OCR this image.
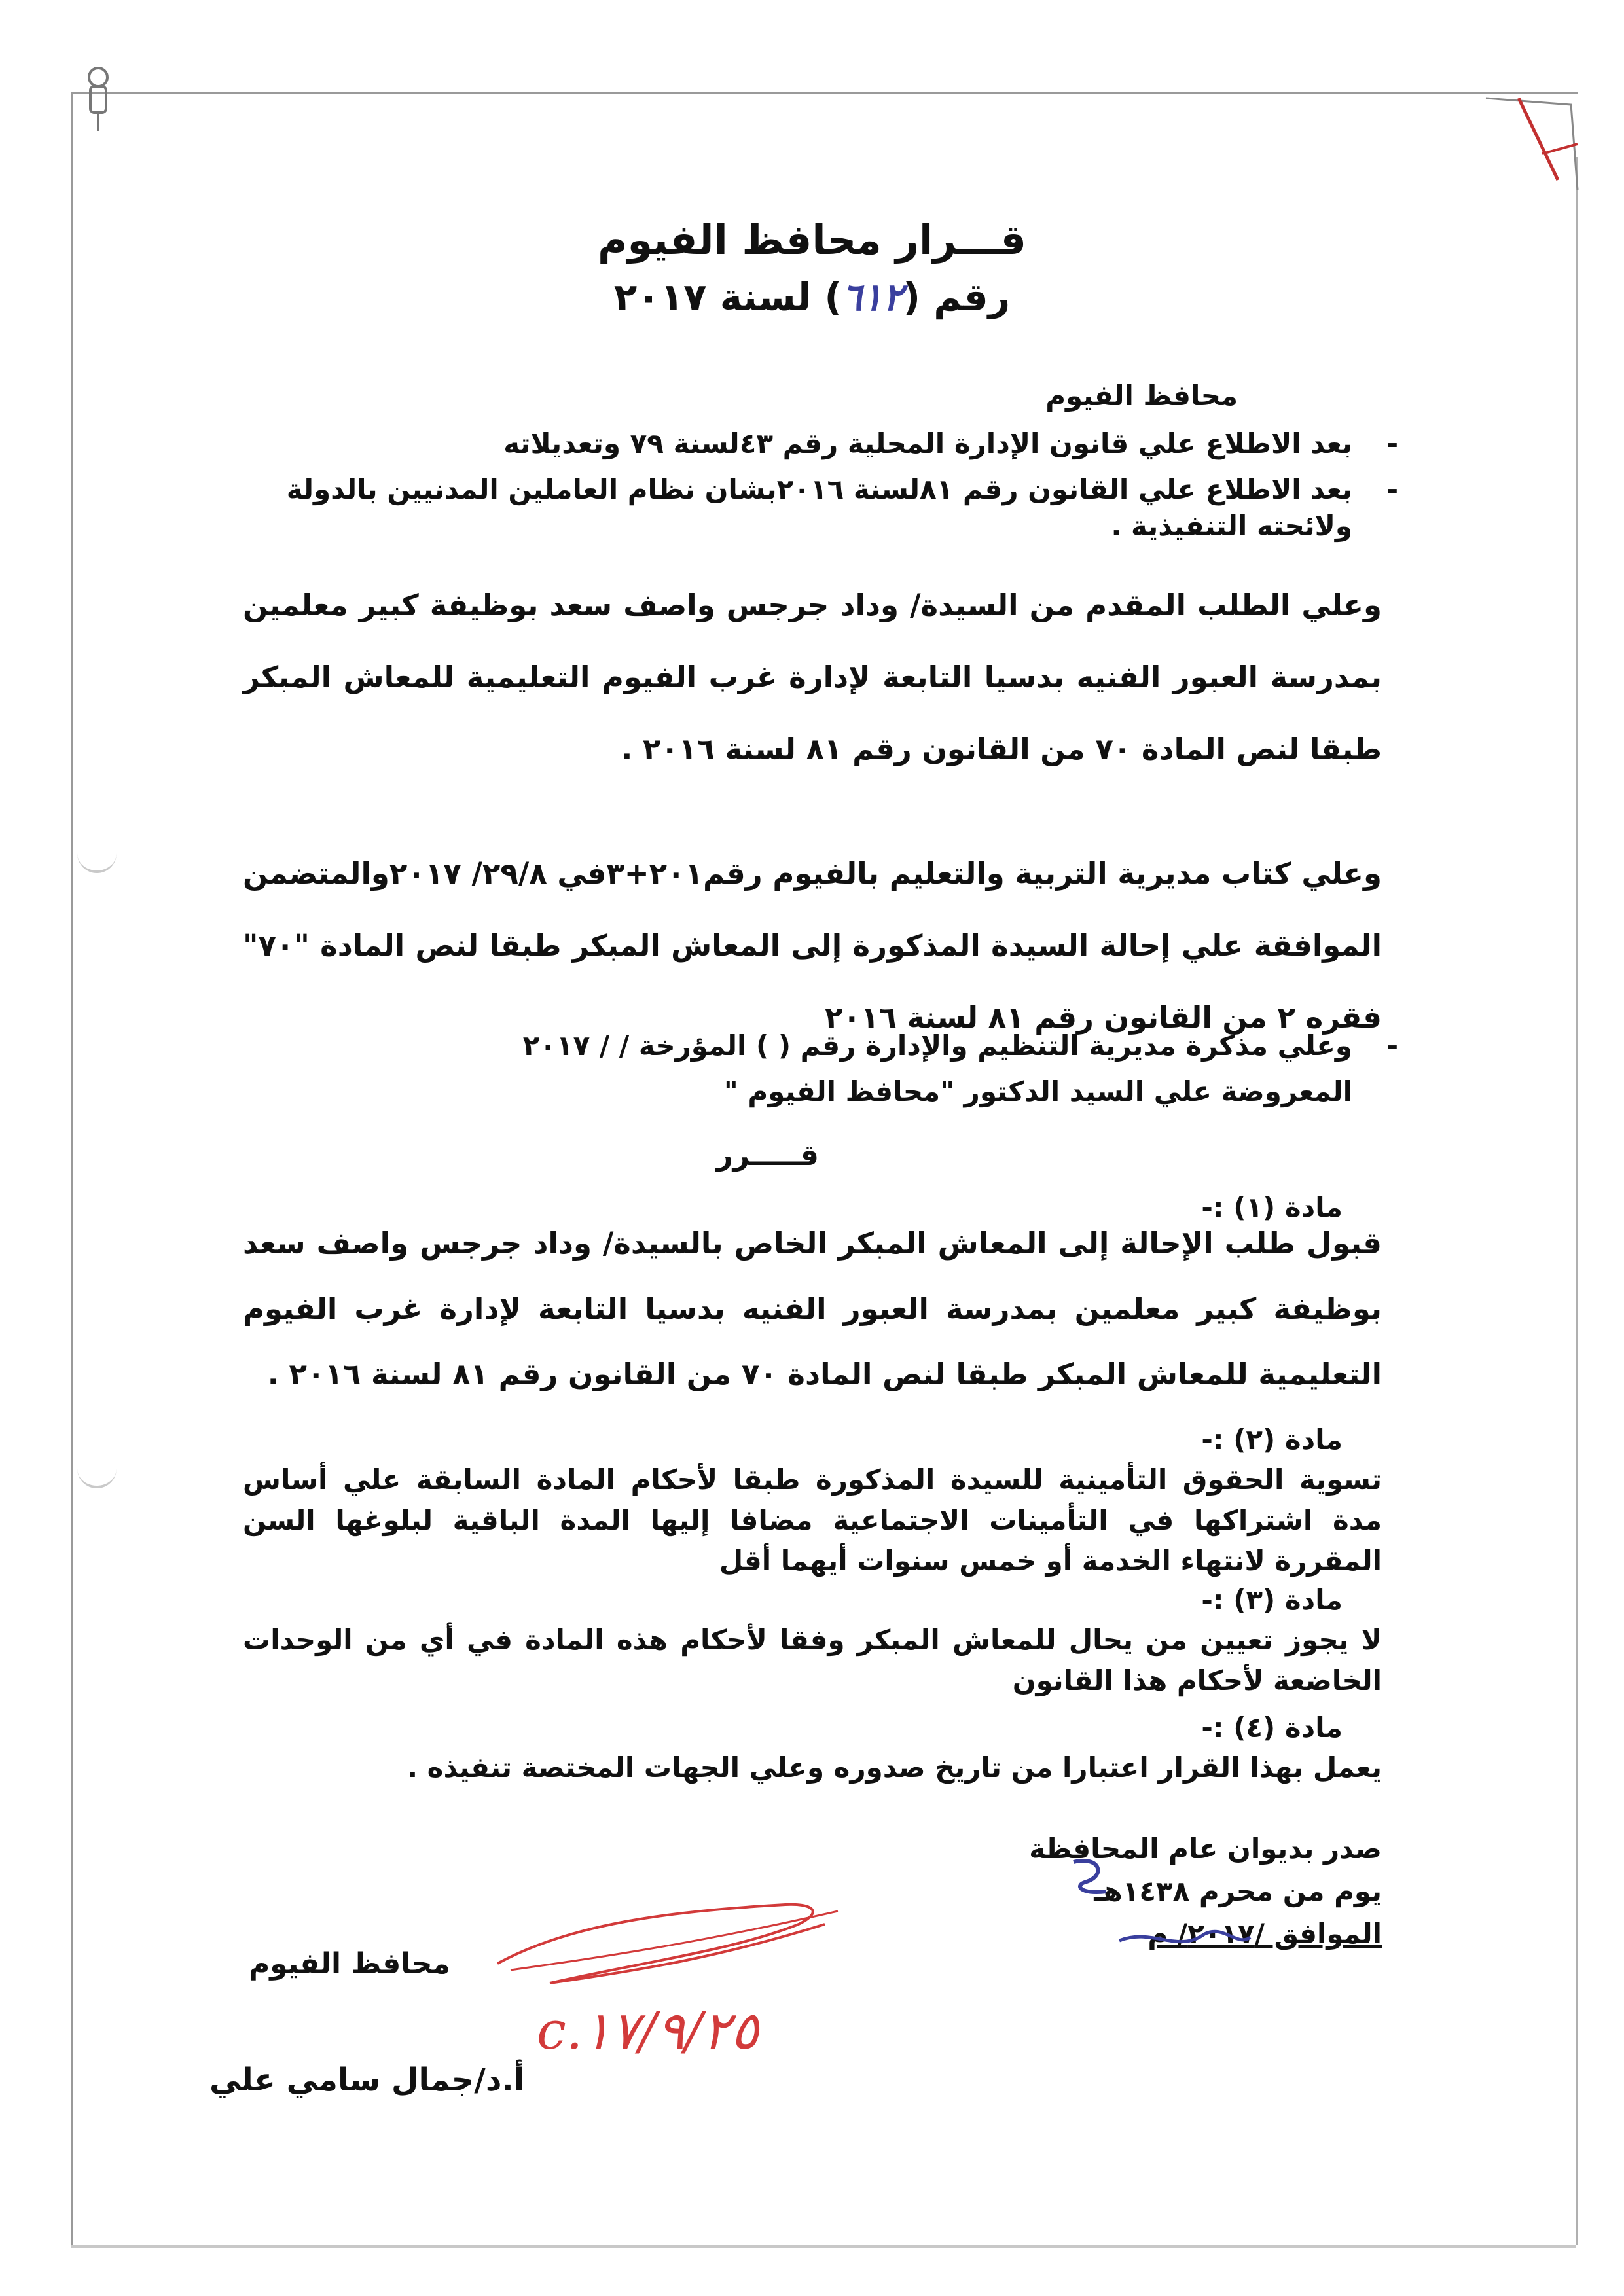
قـــرار محافظ الفيوم
رقم (٦١٢) لسنة ٢٠١٧
محافظ الفيوم
-
بعد الاطلاع علي قانون الإدارة المحلية رقم ٤٣لسنة ٧٩ وتعديلاته
-
بعد الاطلاع علي القانون رقم ٨١لسنة ٢٠١٦بشان نظام العاملين المدنيين بالدولة ولائحته التنفيذية .
وعلي الطلب المقدم من السيدة/ وداد جرجس واصف سعد بوظيفة كبير معلمين بمدرسة العبور الفنيه بدسيا التابعة لإدارة غرب الفيوم التعليمية للمعاش المبكر طبقا لنص المادة ٧٠ من القانون رقم ٨١ لسنة ٢٠١٦ .
وعلي كتاب مديرية التربية والتعليم بالفيوم رقم٢٠١+٣في ٢٩/٨/ ٢٠١٧والمتضمن الموافقة علي إحالة السيدة المذكورة إلى المعاش المبكر طبقا لنص المادة "٧٠" فقره ٢ من القانون رقم ٨١ لسنة ٢٠١٦
-
وعلي مذكرة مديرية التنظيم والإدارة رقم ( ) المؤرخة / / ٢٠١٧
المعروضة علي السيد الدكتور "محافظ الفيوم "
قـــــرر
مادة (١) :-
قبول طلب الإحالة إلى المعاش المبكر الخاص بالسيدة/ وداد جرجس واصف سعد بوظيفة كبير معلمين بمدرسة العبور الفنيه بدسيا التابعة لإدارة غرب الفيوم التعليمية للمعاش المبكر طبقا لنص المادة ٧٠ من القانون رقم ٨١ لسنة ٢٠١٦ .
مادة (٢) :-
تسوية الحقوق التأمينية للسيدة المذكورة طبقا لأحكام المادة السابقة علي أساس مدة اشتراكها في التأمينات الاجتماعية مضافا إليها المدة الباقية لبلوغها السن المقررة لانتهاء الخدمة أو خمس سنوات أيهما أقل
مادة (٣) :-
لا يجوز تعيين من يحال للمعاش المبكر وفقا لأحكام هذه المادة في أي من الوحدات الخاضعة لأحكام هذا القانون
مادة (٤) :-
يعمل بهذا القرار اعتبارا من تاريخ صدوره وعلي الجهات المختصة تنفيذه .
صدر بديوان عام المحافظة
يوم من محرم ١٤٣٨هـ
الموافق /٢٠١٧/ م
محافظ الفيوم
أ.د/جمال سامي علي
c.١٧/٩/٢٥
